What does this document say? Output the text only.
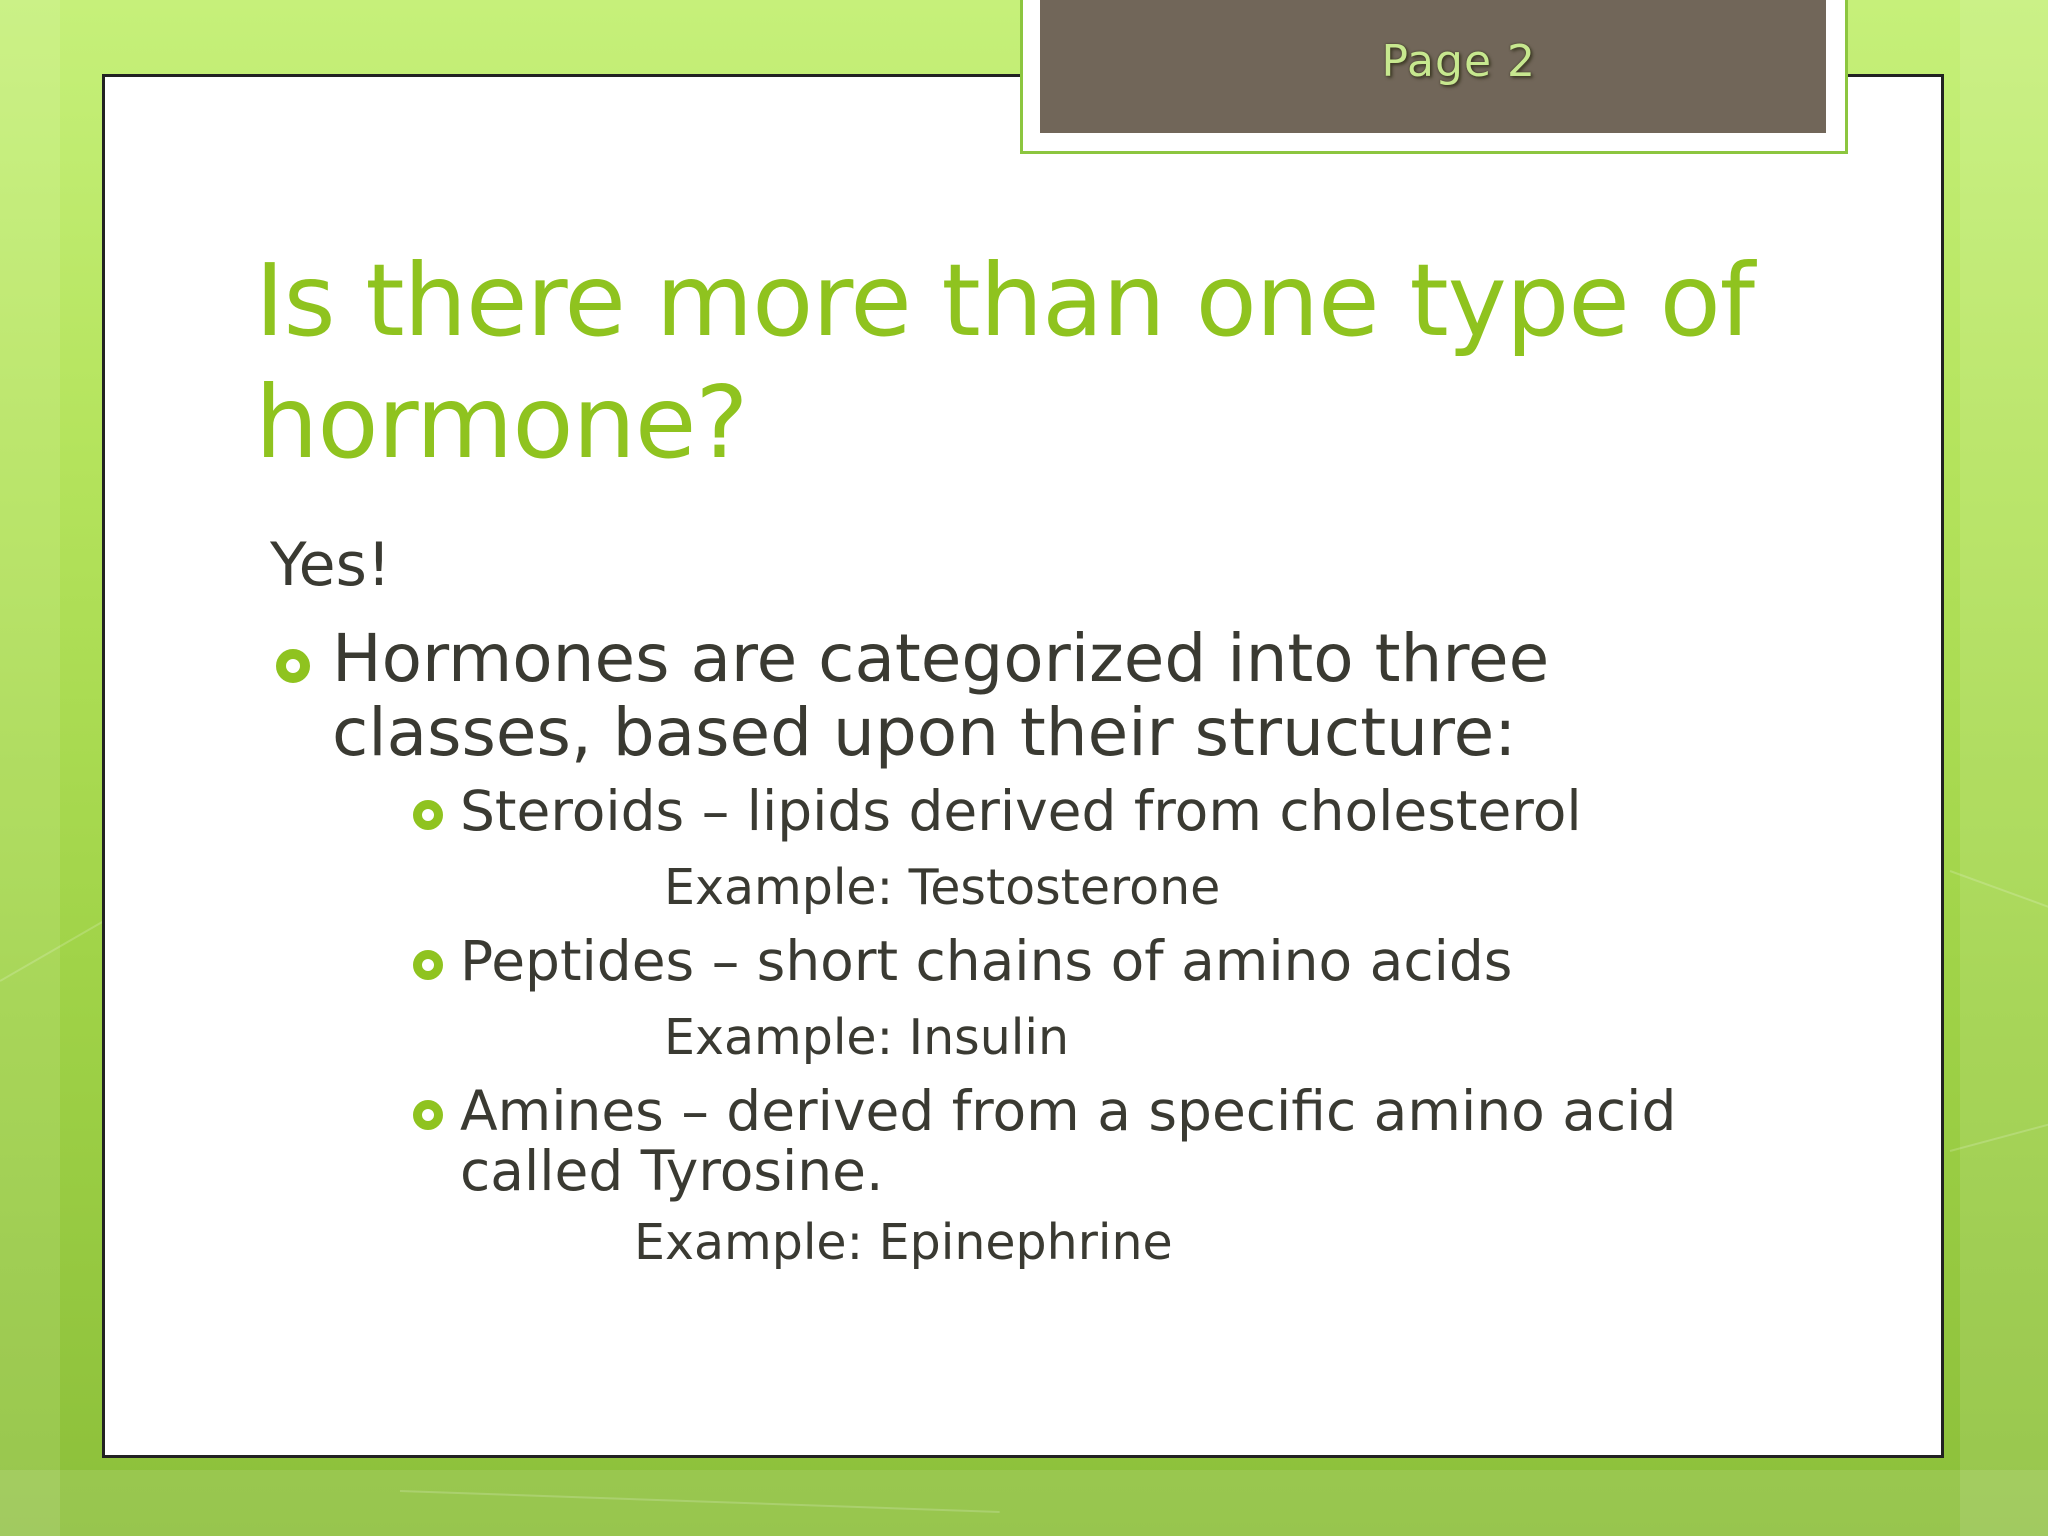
Page 2
Is there more than one type of hormone?
Yes!
Hormones are categorized into three classes, based upon their structure:
Steroids – lipids derived from cholesterol
Example: Testosterone
Peptides – short chains of amino acids
Example: Insulin
Amines – derived from a specific amino acid called Tyrosine.
Example: Epinephrine
